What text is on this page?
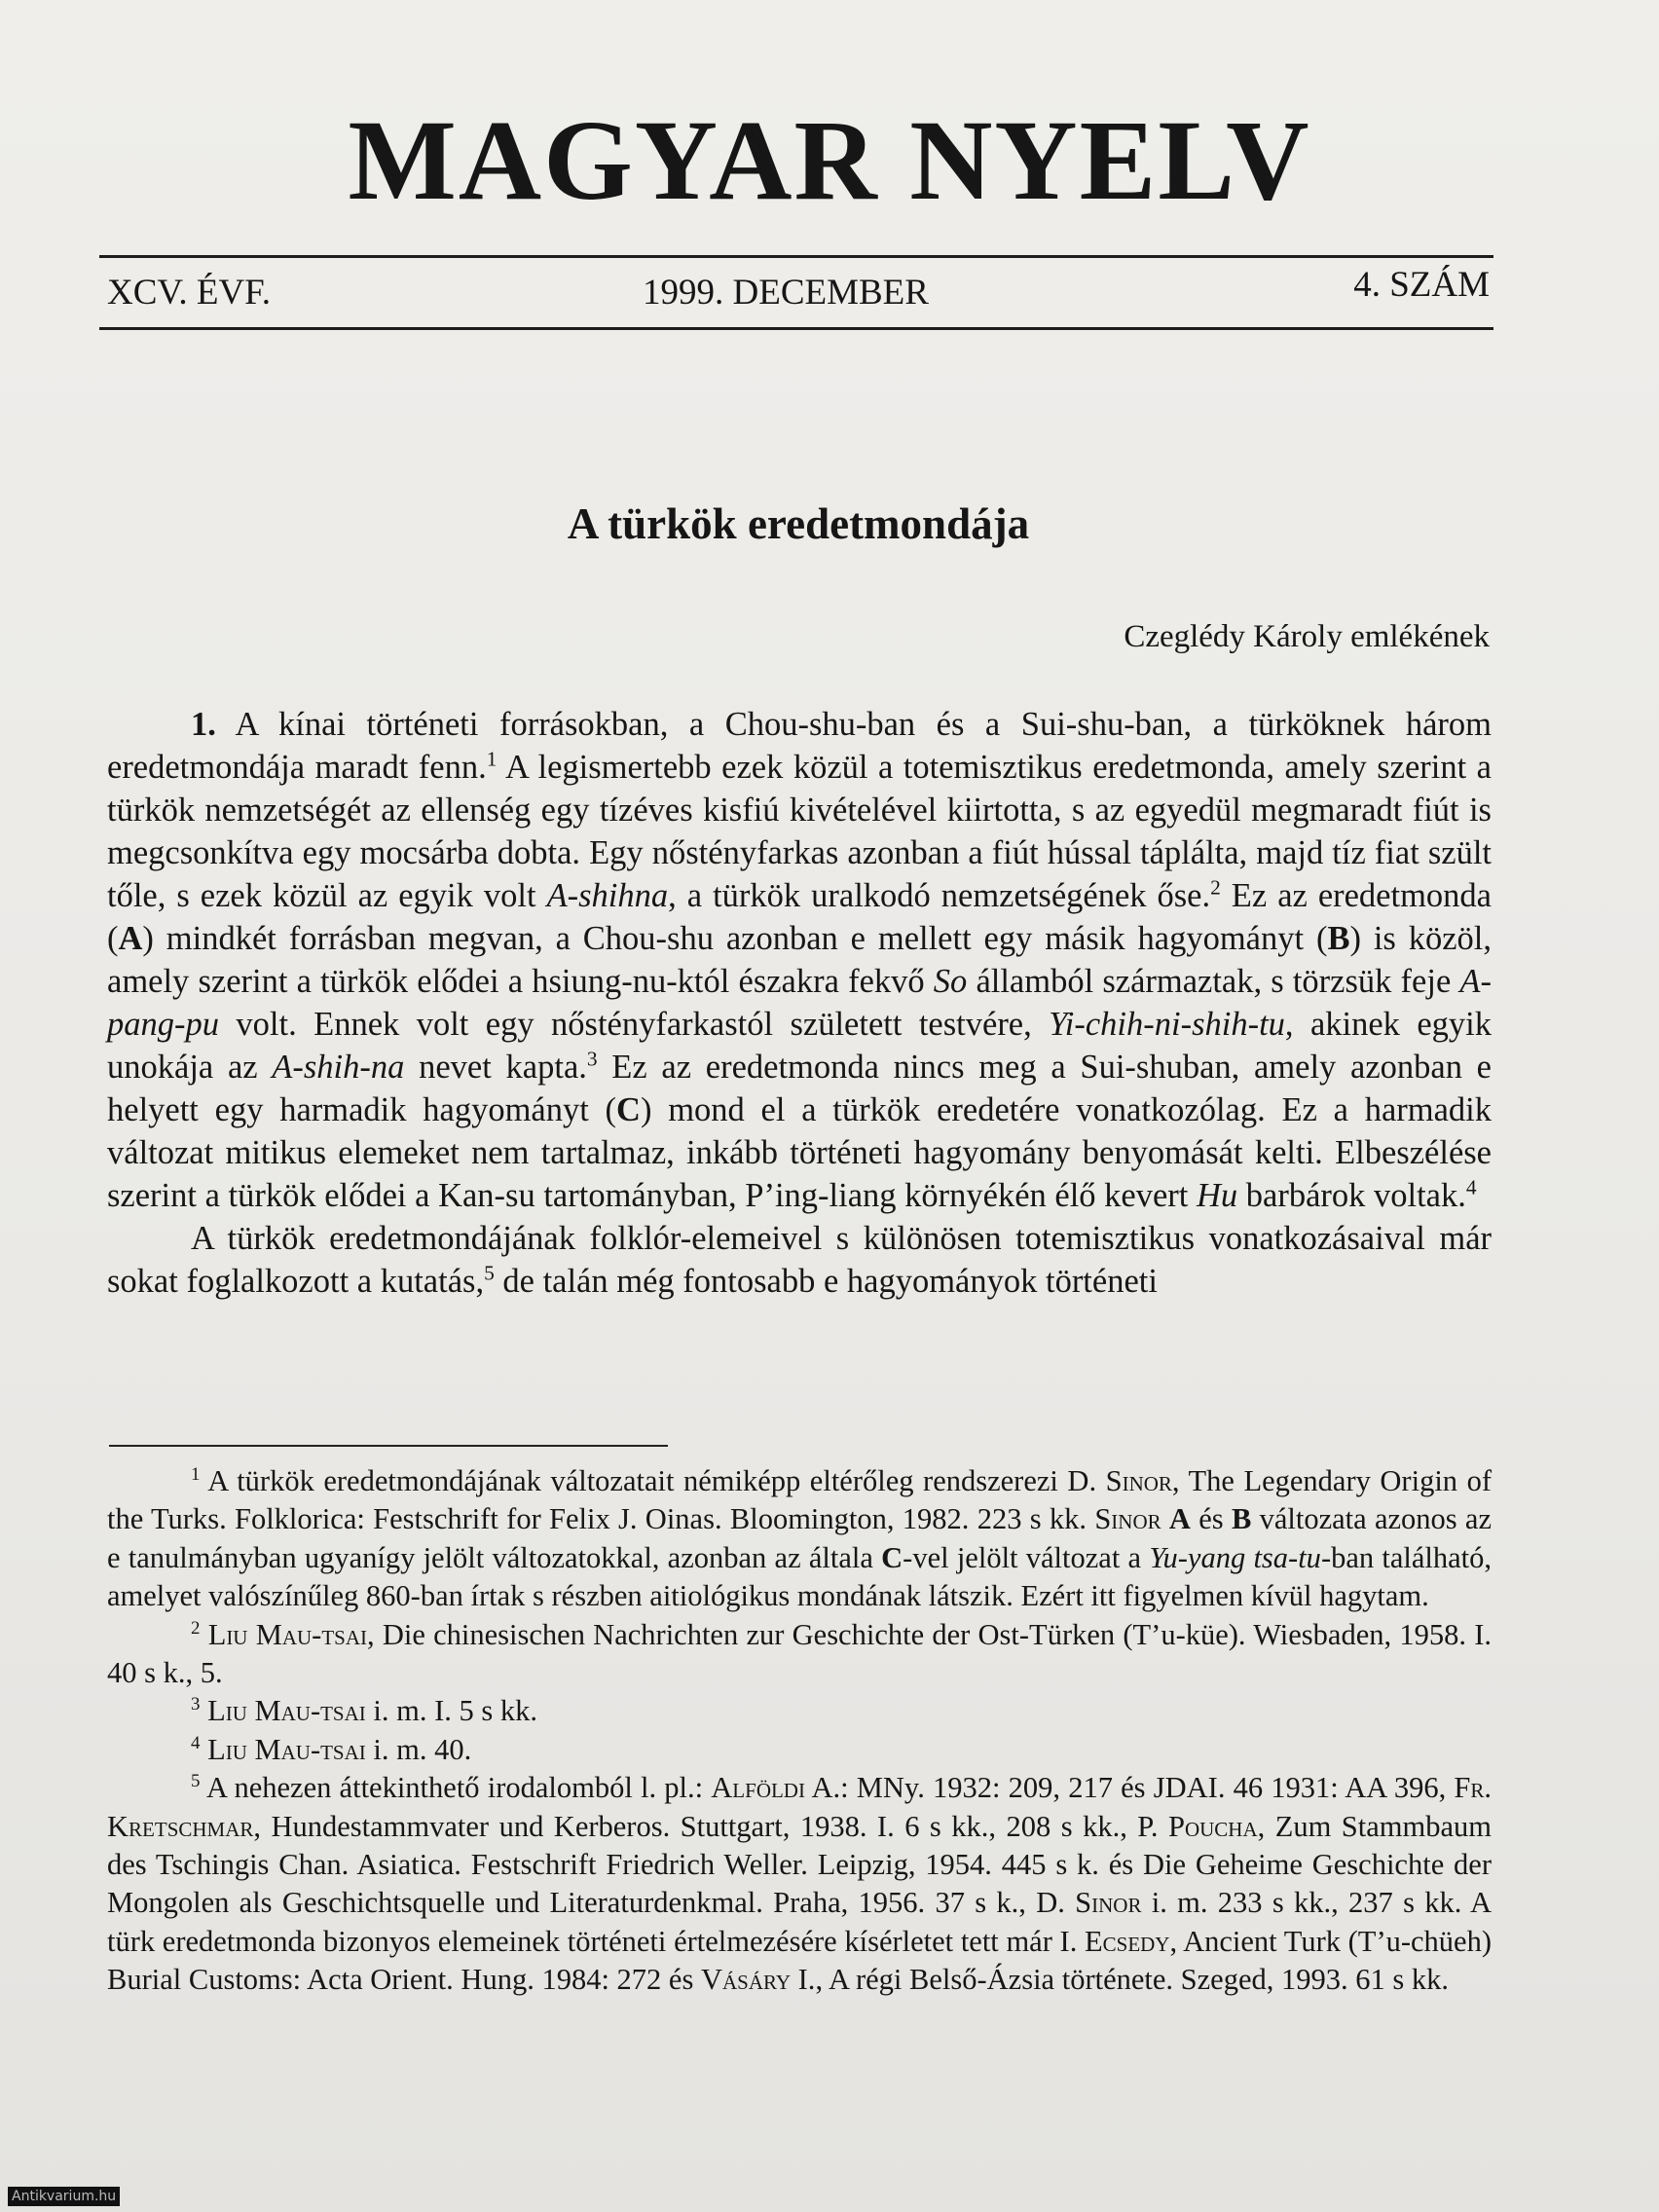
MAGYAR NYELV
XCV. ÉVF.	1999. DECEMBER	4. SZÁM
A türkök eredetmondája
Czeglédy Károly emlékének

1. A kínai történeti forrásokban, a Chou-shu-ban és a Sui-shu-ban, a türköknek három eredetmondája maradt fenn.$^1$ A legismertebb ezek közül a totemisztikus eredetmonda, amely szerint a türkök nemzetségét az ellenség egy tízéves kisfiú kivételével kiirtotta, s az egyedül megmaradt fiút is megcsonkítva egy mocsárba dobta. Egy nőstényfarkas azonban a fiút hússal táplálta, majd tíz fiat szült tőle, s ezek közül az egyik volt A-shihna, a türkök uralkodó nemzetségének őse.$^2$ Ez az eredetmonda (A) mindkét forrásban megvan, a Chou-shu azonban e mellett egy másik hagyományt (B) is közöl, amely szerint a türkök elődei a hsiung-nu-któl északra fekvő So államból származtak, s törzsük feje A-pang-pu volt. Ennek volt egy nőstényfarkastól született testvére, Yi-chih-ni-shih-tu, akinek egyik unokája az A-shih-na nevet kapta.$^3$ Ez az eredetmonda nincs meg a Sui-shuban, amely azonban e helyett egy harmadik hagyományt (C) mond el a türkök eredetére vonatkozólag. Ez a harmadik változat mitikus elemeket nem tartalmaz, inkább történeti hagyomány benyomását kelti. Elbeszélése szerint a türkök elődei a Kan-su tartományban, P’ing-liang környékén élő kevert Hu barbárok voltak.$^4$

A türkök eredetmondájának folklór-elemeivel s különösen totemisztikus vonatkozásaival már sokat foglalkozott a kutatás,$^5$ de talán még fontosabb e hagyományok történeti

$^1$ A türkök eredetmondájának változatait némiképp eltérőleg rendszerezi D. Sinor, The Legendary Origin of the Turks. Folklorica: Festschrift for Felix J. Oinas. Bloomington, 1982. 223 s kk. Sinor A és B változata azonos az e tanulmányban ugyanígy jelölt változatokkal, azonban az általa C-vel jelölt változat a Yu-yang tsa-tu-ban található, amelyet valószínűleg 860-ban írtak s részben aitiológikus mondának látszik. Ezért itt figyelmen kívül hagytam.

$^2$ Liu Mau-tsai, Die chinesischen Nachrichten zur Geschichte der Ost-Türken (T’u-küe). Wiesbaden, 1958. I. 40 s k., 5.

$^3$ Liu Mau-tsai i. m. I. 5 s kk.

$^4$ Liu Mau-tsai i. m. 40.

$^5$ A nehezen áttekinthető irodalomból l. pl.: Alföldi A.: MNy. 1932: 209, 217 és JDAI. 46 1931: AA 396, Fr. Kretschmar, Hundestammvater und Kerberos. Stuttgart, 1938. I. 6 s kk., 208 s kk., P. Poucha, Zum Stammbaum des Tschingis Chan. Asiatica. Festschrift Friedrich Weller. Leipzig, 1954. 445 s k. és Die Geheime Geschichte der Mongolen als Geschichtsquelle und Literaturdenkmal. Praha, 1956. 37 s k., D. Sinor i. m. 233 s kk., 237 s kk. A türk eredetmonda bizonyos elemeinek történeti értelmezésére kísérletet tett már I. Ecsedy, Ancient Turk (T’u-chüeh) Burial Customs: Acta Orient. Hung. 1984: 272 és Vásáry I., A régi Belső-Ázsia története. Szeged, 1993. 61 s kk.

Antikvarium.hu
